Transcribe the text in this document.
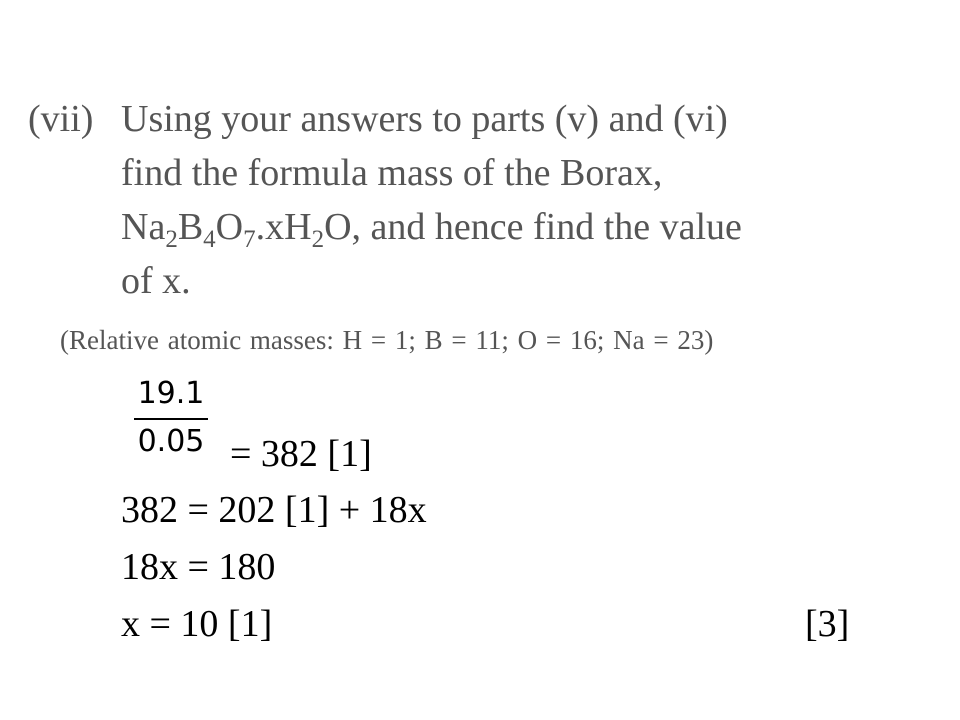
(vii) Using your answers to parts (v) and (vi)
find the formula mass of the Borax,
$Na_2B_4O_7.xH_2O$, and hence find the value
of x.
(Relative atomic masses: H = 1; B = 11; O = 16; Na = 23)
19.1
0.05 = 382 [1]
382 = 202 [1] + 18x
18x = 180
x = 10 [1]	[3]
